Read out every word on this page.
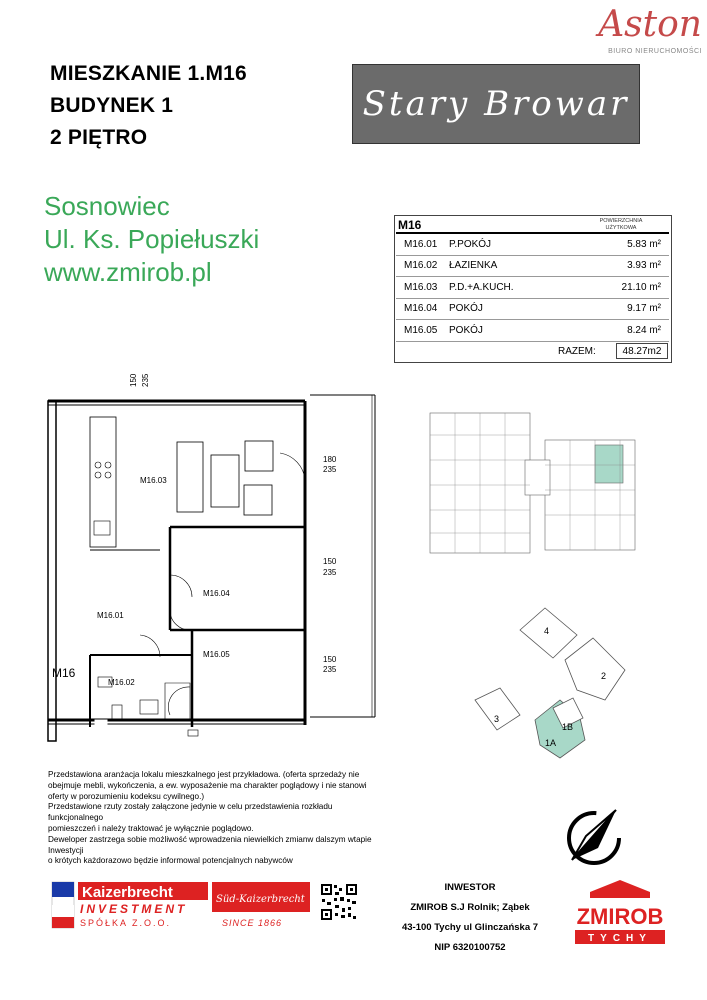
MIESZKANIE 1.M16
BUDYNEK 1
2 PIĘTRO
Stary Browar
Aston
BIURO NIERUCHOMOŚCI
Sosnowiec
Ul. Ks. Popiełuszki
www.zmirob.pl
M16	POWIERZCHNIA UŻYTKOWA
M16.01	P.POKÓJ	5.83 m²
M16.02	ŁAZIENKA	3.93 m²
M16.03	P.D.+A.KUCH.	21.10 m²
M16.04	POKÓJ	9.17 m²
M16.05	POKÓJ	8.24 m²
RAZEM:	48.27m2
M16.03
M16.04
M16.01
M16.05
M16.02
M16
150 235
180
235
150
235
150
235
4
2
3
1B
1A

Przedstawiona aranżacja lokalu mieszkalnego jest przykładowa. (oferta sprzedaży nie

obejmuje mebli, wykończenia, a ew. wyposażenie ma charakter poglądowy i nie stanowi

oferty w porozumieniu kodeksu cywilnego.)

Przedstawione rzuty zostały załączone jedynie w celu przedstawienia rozkładu funkcjonalnego

pomieszczeń i należy traktować je wyłącznie poglądowo.

Deweloper zastrzega sobie możliwość wprowadzenia niewielkich zmianw dalszym wtapie Inwestycji

o krótych każdorazowo będzie informowal potencjalnych nabywców

Kaizerbrecht
INVESTMENT
SPÓŁKA Z.O.O.
Süd-Kaizerbrecht
SINCE 1866
INWESTOR
ZMIROB S.J Rolnik; Ząbek
43-100 Tychy ul Glinczańska 7
NIP 6320100752
ZMIROB
TYCHY
